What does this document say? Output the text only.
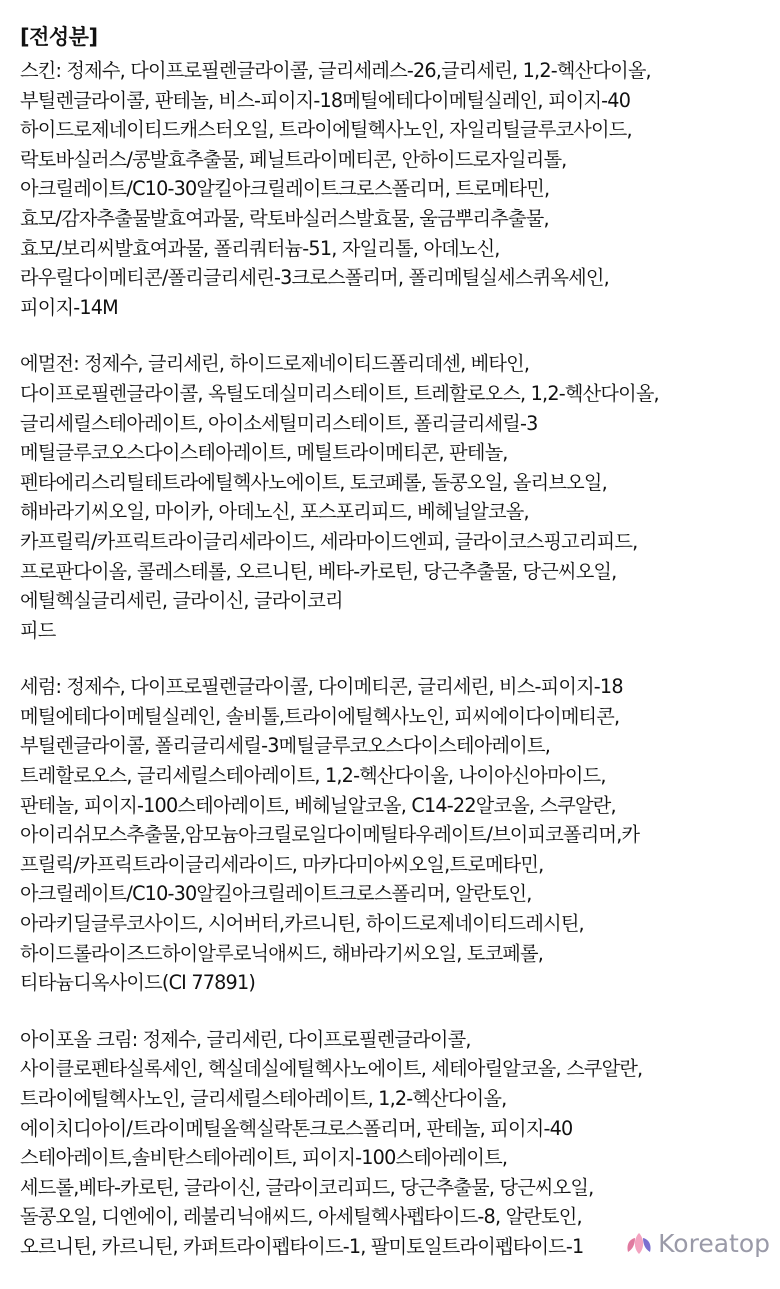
[전성분]
스킨: 정제수, 다이프로필렌글라이콜, 글리세레스-26,글리세린, 1,2-헥산다이올,
부틸렌글라이콜, 판테놀, 비스-피이지-18메틸에테다이메틸실레인, 피이지-40
하이드로제네이티드캐스터오일, 트라이에틸헥사노인, 자일리틸글루코사이드,
락토바실러스/콩발효추출물, 페닐트라이메티콘, 안하이드로자일리톨,
아크릴레이트/C10-30알킬아크릴레이트크로스폴리머, 트로메타민,
효모/감자추출물발효여과물, 락토바실러스발효물, 울금뿌리추출물,
효모/보리씨발효여과물, 폴리쿼터늄-51, 자일리톨, 아데노신,
라우릴다이메티콘/폴리글리세린-3크로스폴리머, 폴리메틸실세스퀴옥세인,
피이지-14M
에멀전: 정제수, 글리세린, 하이드로제네이티드폴리데센, 베타인,
다이프로필렌글라이콜, 옥틸도데실미리스테이트, 트레할로오스, 1,2-헥산다이올,
글리세릴스테아레이트, 아이소세틸미리스테이트, 폴리글리세릴-3
메틸글루코오스다이스테아레이트, 메틸트라이메티콘, 판테놀,
펜타에리스리틸테트라에틸헥사노에이트, 토코페롤, 돌콩오일, 올리브오일,
해바라기씨오일, 마이카, 아데노신, 포스포리피드, 베헤닐알코올,
카프릴릭/카프릭트라이글리세라이드, 세라마이드엔피, 글라이코스핑고리피드,
프로판다이올, 콜레스테롤, 오르니틴, 베타-카로틴, 당근추출물, 당근씨오일,
에틸헥실글리세린, 글라이신, 글라이코리
피드
세럼: 정제수, 다이프로필렌글라이콜, 다이메티콘, 글리세린, 비스-피이지-18
메틸에테다이메틸실레인, 솔비톨,트라이에틸헥사노인, 피씨에이다이메티콘,
부틸렌글라이콜, 폴리글리세릴-3메틸글루코오스다이스테아레이트,
트레할로오스, 글리세릴스테아레이트, 1,2-헥산다이올, 나이아신아마이드,
판테놀, 피이지-100스테아레이트, 베헤닐알코올, C14-22알코올, 스쿠알란,
아이리쉬모스추출물,암모늄아크릴로일다이메틸타우레이트/브이피코폴리머,카
프릴릭/카프릭트라이글리세라이드, 마카다미아씨오일,트로메타민,
아크릴레이트/C10-30알킬아크릴레이트크로스폴리머, 알란토인,
아라키딜글루코사이드, 시어버터,카르니틴, 하이드로제네이티드레시틴,
하이드롤라이즈드하이알루로닉애씨드, 해바라기씨오일, 토코페롤,
티타늄디옥사이드(CI 77891)
아이포올 크림: 정제수, 글리세린, 다이프로필렌글라이콜,
사이클로펜타실록세인, 헥실데실에틸헥사노에이트, 세테아릴알코올, 스쿠알란,
트라이에틸헥사노인, 글리세릴스테아레이트, 1,2-헥산다이올,
에이치디아이/트라이메틸올헥실락톤크로스폴리머, 판테놀, 피이지-40
스테아레이트,솔비탄스테아레이트, 피이지-100스테아레이트,
세드롤,베타-카로틴, 글라이신, 글라이코리피드, 당근추출물, 당근씨오일,
돌콩오일, 디엔에이, 레불리닉애씨드, 아세틸헥사펩타이드-8, 알란토인,
오르니틴, 카르니틴, 카퍼트라이펩타이드-1, 팔미토일트라이펩타이드-1	Koreatop
